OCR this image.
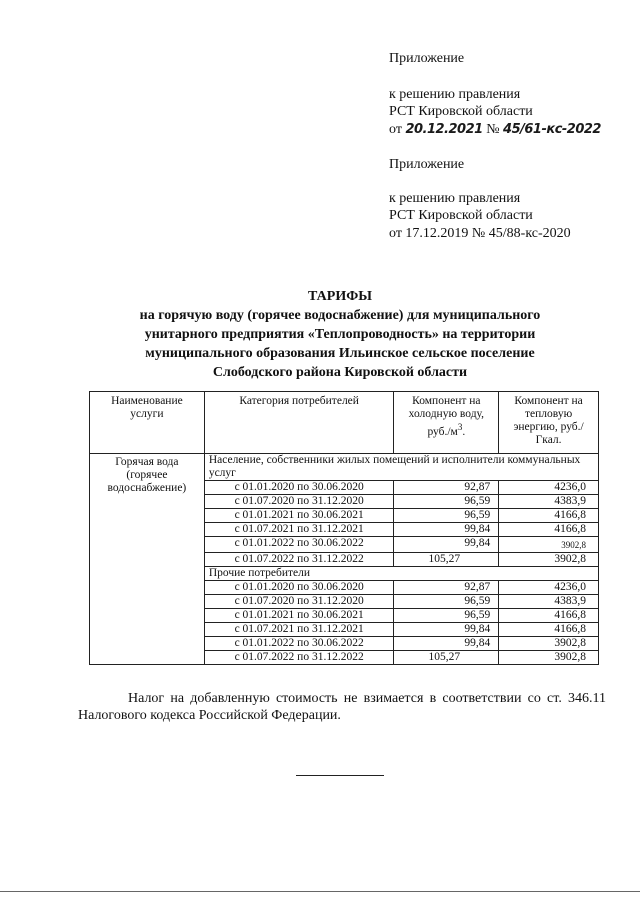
Приложение
к решению правления
РСТ Кировской области
от 20.12.2021 № 45/61-кс-2022
Приложение
к решению правления
РСТ Кировской области
от 17.12.2019 № 45/88-кс-2020
ТАРИФЫ
на горячую воду (горячее водоснабжение) для муниципального
унитарного предприятия «Теплопроводность» на территории
муниципального образования Ильинское сельское поселение
Слободского района Кировской области
Наименование услуги	Категория потребителей	Компонент на холодную воду, $руб./м^3$.	Компонент на тепловую энергию, руб./Гкал.
Горячая вода (горячее водоснабжение)	Население, собственники жилых помещений и исполнители коммунальных услуг		
	с 01.01.2020 по 30.06.2020	92,87	4236,0
	с 01.07.2020 по 31.12.2020	96,59	4383,9
	с 01.01.2021 по 30.06.2021	96,59	4166,8
	с 01.07.2021 по 31.12.2021	99,84	4166,8
	с 01.01.2022 по 30.06.2022	99,84	3902,8
	с 01.07.2022 по 31.12.2022	105,27	3902,8
	Прочие потребители		
	с 01.01.2020 по 30.06.2020	92,87	4236,0
	с 01.07.2020 по 31.12.2020	96,59	4383,9
	с 01.01.2021 по 30.06.2021	96,59	4166,8
	с 01.07.2021 по 31.12.2021	99,84	4166,8
	с 01.01.2022 по 30.06.2022	99,84	3902,8
	с 01.07.2022 по 31.12.2022	105,27	3902,8
Налог на добавленную стоимость не взимается в соответствии со ст. 346.11 Налогового кодекса Российской Федерации.
